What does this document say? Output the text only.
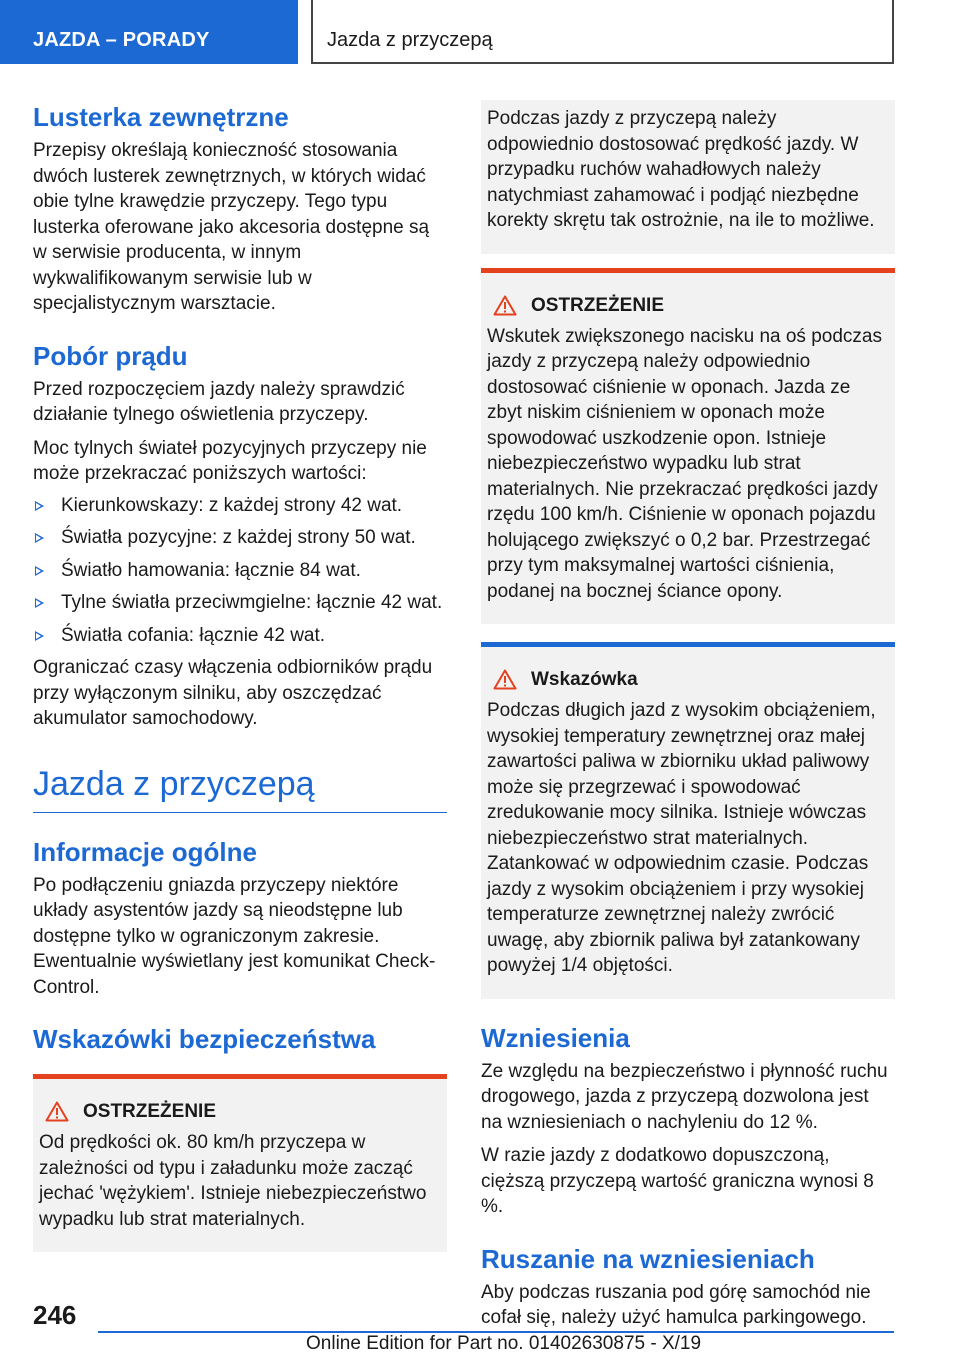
JAZDA – PORADY	Jazda z przyczepą
Lusterka zewnętrzne

Przepisy określają konieczność stosowania dwóch lusterek zewnętrznych, w których widać obie tylne krawędzie przyczepy. Tego typu lusterka oferowane jako akcesoria dostępne są w serwisie producenta, w innym wykwalifikowanym serwisie lub w specjalistycznym warsztacie.

Pobór prądu

Przed rozpoczęciem jazdy należy sprawdzić działanie tylnego oświetlenia przyczepy.

Moc tylnych świateł pozycyjnych przyczepy nie może przekraczać poniższych wartości:

Kierunkowskazy: z każdej strony 42 wat.
Światła pozycyjne: z każdej strony 50 wat.
Światło hamowania: łącznie 84 wat.
Tylne światła przeciwmgielne: łącznie 42 wat.
Światła cofania: łącznie 42 wat.

Ograniczać czasy włączenia odbiorników prądu przy wyłączonym silniku, aby oszczędzać akumulator samochodowy.

Jazda z przyczepą
Informacje ogólne

Po podłączeniu gniazda przyczepy niektóre układy asystentów jazdy są nieodstępne lub dostępne tylko w ograniczonym zakresie. Ewentualnie wyświetlany jest komunikat Check-Control.

Wskazówki bezpieczeństwa
OSTRZEŻENIE

Od prędkości ok. 80 km/h przyczepa w zależności od typu i załadunku może zacząć jechać 'wężykiem'. Istnieje niebezpieczeństwo wypadku lub strat materialnych.

Podczas jazdy z przyczepą należy odpowiednio dostosować prędkość jazdy. W przypadku ruchów wahadłowych należy natychmiast zahamować i podjąć niezbędne korekty skrętu tak ostrożnie, na ile to możliwe.

OSTRZEŻENIE

Wskutek zwiększonego nacisku na oś podczas jazdy z przyczepą należy odpowiednio dostosować ciśnienie w oponach. Jazda ze zbyt niskim ciśnieniem w oponach może spowodować uszkodzenie opon. Istnieje niebezpieczeństwo wypadku lub strat materialnych. Nie przekraczać prędkości jazdy rzędu 100 km/h. Ciśnienie w oponach pojazdu holującego zwiększyć o 0,2 bar. Przestrzegać przy tym maksymalnej wartości ciśnienia, podanej na bocznej ściance opony.

Wskazówka

Podczas długich jazd z wysokim obciążeniem, wysokiej temperatury zewnętrznej oraz małej zawartości paliwa w zbiorniku układ paliwowy może się przegrzewać i spowodować zredukowanie mocy silnika. Istnieje wówczas niebezpieczeństwo strat materialnych. Zatankować w odpowiednim czasie. Podczas jazdy z wysokim obciążeniem i przy wysokiej temperaturze zewnętrznej należy zwrócić uwagę, aby zbiornik paliwa był zatankowany powyżej 1/4 objętości.

Wzniesienia

Ze względu na bezpieczeństwo i płynność ruchu drogowego, jazda z przyczepą dozwolona jest na wzniesieniach o nachyleniu do 12 %.

W razie jazdy z dodatkowo dopuszczoną, cięższą przyczepą wartość graniczna wynosi 8 %.

Ruszanie na wzniesieniach

Aby podczas ruszania pod górę samochód nie cofał się, należy użyć hamulca parkingowego.

246
Online Edition for Part no. 01402630875 - X/19
